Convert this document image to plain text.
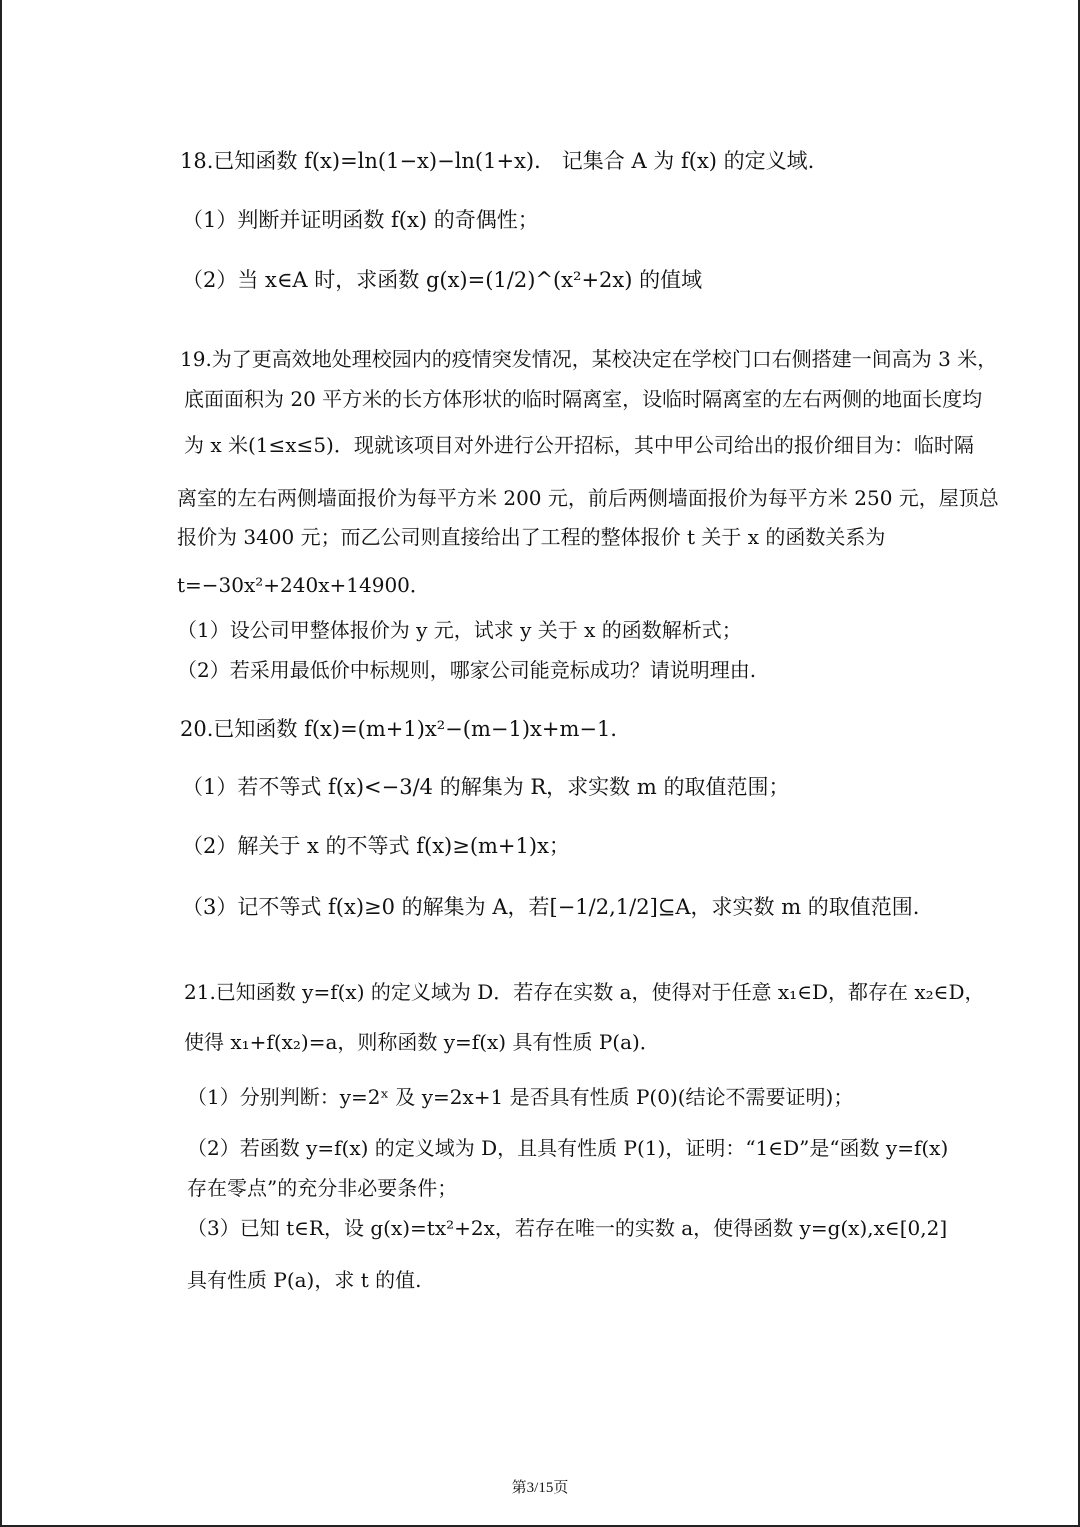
18.已知函数 f(x)=ln(1−x)−ln(1+x)． 记集合 A 为 f(x) 的定义域.
（1）判断并证明函数 f(x) 的奇偶性；
（2）当 x∈A 时，求函数 g(x)=(1/2)^(x²+2x) 的值域
19.为了更高效地处理校园内的疫情突发情况，某校决定在学校门口右侧搭建一间高为 3 米，
底面面积为 20 平方米的长方体形状的临时隔离室，设临时隔离室的左右两侧的地面长度均
为 x 米(1≤x≤5)．现就该项目对外进行公开招标，其中甲公司给出的报价细目为：临时隔
离室的左右两侧墙面报价为每平方米 200 元，前后两侧墙面报价为每平方米 250 元，屋顶总
报价为 3400 元；而乙公司则直接给出了工程的整体报价 t 关于 x 的函数关系为
t=−30x²+240x+14900．
（1）设公司甲整体报价为 y 元，试求 y 关于 x 的函数解析式；
（2）若采用最低价中标规则，哪家公司能竞标成功？请说明理由.
20.已知函数 f(x)=(m+1)x²−(m−1)x+m−1．
（1）若不等式 f(x)<−3/4 的解集为 R，求实数 m 的取值范围；
（2）解关于 x 的不等式 f(x)≥(m+1)x；
（3）记不等式 f(x)≥0 的解集为 A，若[−1/2,1/2]⊆A，求实数 m 的取值范围.
21.已知函数 y=f(x) 的定义域为 D．若存在实数 a，使得对于任意 x₁∈D，都存在 x₂∈D，
使得 x₁+f(x₂)=a，则称函数 y=f(x) 具有性质 P(a)．
（1）分别判断：y=2ˣ 及 y=2x+1 是否具有性质 P(0)(结论不需要证明)；
（2）若函数 y=f(x) 的定义域为 D，且具有性质 P(1)，证明：“1∈D”是“函数 y=f(x)
存在零点”的充分非必要条件；
（3）已知 t∈R，设 g(x)=tx²+2x，若存在唯一的实数 a，使得函数 y=g(x),x∈[0,2]
具有性质 P(a)，求 t 的值.
第3/15页
